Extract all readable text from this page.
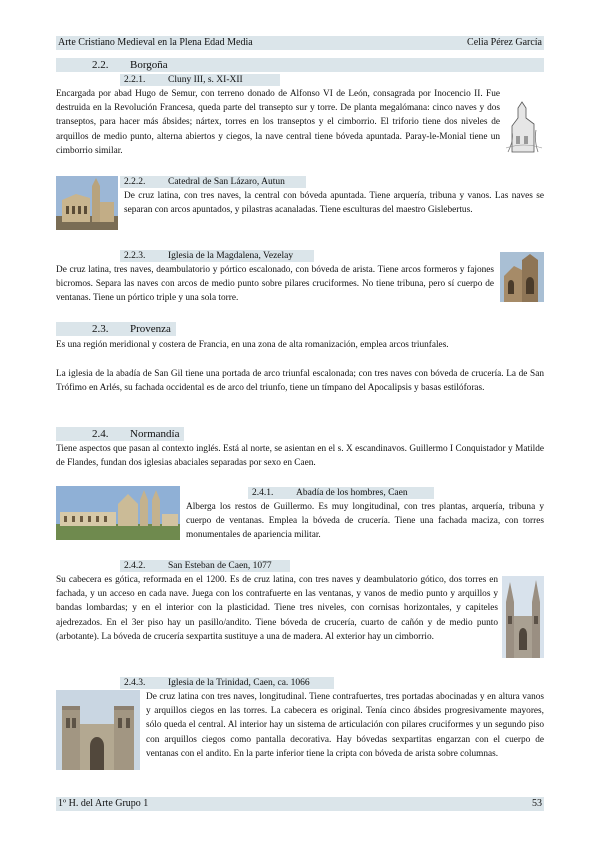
Arte Cristiano Medieval en la Plena Edad Media	Celia Pérez García
2.2. Borgoña
2.2.1. Cluny III, s. XI-XII
Encargada por abad Hugo de Semur, con terreno donado de Alfonso VI de León, consagrada por Inocencio II. Fue destruida en la Revolución Francesa, queda parte del transepto sur y torre. De planta megalómana: cinco naves y dos transeptos, para hacer más ábsides; nártex, torres en los transeptos y el cimborrio. El triforio tiene dos niveles de arquillos de medio punto, alterna abiertos y ciegos, la nave central tiene bóveda apuntada. Paray-le-Monial tiene un cimborrio similar.
2.2.2. Catedral de San Lázaro, Autun
De cruz latina, con tres naves, la central con bóveda apuntada. Tiene arquería, tribuna y vanos. Las naves se separan con arcos apuntados, y pilastras acanaladas. Tiene esculturas del maestro Gislebertus.
2.2.3. Iglesia de la Magdalena, Vezelay
De cruz latina, tres naves, deambulatorio y pórtico escalonado, con bóveda de arista. Tiene arcos formeros y fajones bicromos. Separa las naves con arcos de medio punto sobre pilares cruciformes. No tiene tribuna, pero sí cuerpo de ventanas. Tiene un pórtico triple y una sola torre.
2.3. Provenza
Es una región meridional y costera de Francia, en una zona de alta romanización, emplea arcos triunfales.
La iglesia de la abadía de San Gil tiene una portada de arco triunfal escalonada; con tres naves con bóveda de crucería. La de San Trófimo en Arlés, su fachada occidental es de arco del triunfo, tiene un tímpano del Apocalipsis y basas estilóforas.
2.4. Normandía
Tiene aspectos que pasan al contexto inglés. Está al norte, se asientan en el s. X escandinavos. Guillermo I Conquistador y Matilde de Flandes, fundan dos iglesias abaciales separadas por sexo en Caen.
2.4.1. Abadía de los hombres, Caen
Alberga los restos de Guillermo. Es muy longitudinal, con tres plantas, arquería, tribuna y cuerpo de ventanas. Emplea la bóveda de crucería. Tiene una fachada maciza, con torres monumentales de apariencia militar.
2.4.2. San Esteban de Caen, 1077
Su cabecera es gótica, reformada en el 1200. Es de cruz latina, con tres naves y deambulatorio gótico, dos torres en fachada, y un acceso en cada nave. Juega con los contrafuerte en las ventanas, y vanos de medio punto y arquillos y bandas lombardas; y en el interior con la plasticidad. Tiene tres niveles, con cornisas horizontales, y capiteles ajedrezados. En el 3er piso hay un pasillo/andito. Tiene bóveda de crucería, cuarto de cañón y de medio punto (arbotante). La bóveda de crucería sexpartita sustituye a una de madera. Al exterior hay un cimborrio.
2.4.3. Iglesia de la Trinidad, Caen, ca. 1066
De cruz latina con tres naves, longitudinal. Tiene contrafuertes, tres portadas abocinadas y en altura vanos y arquillos ciegos en las torres. La cabecera es original. Tenía cinco ábsides progresivamente mayores, sólo queda el central. Al interior hay un sistema de articulación con pilares cruciformes y un segundo piso con arquillos ciegos como pantalla decorativa. Hay bóvedas sexpartitas engarzan con el cuerpo de ventanas con el andito. En la parte inferior tiene la cripta con bóveda de arista sobre columnas.
1º H. del Arte Grupo 1	53
